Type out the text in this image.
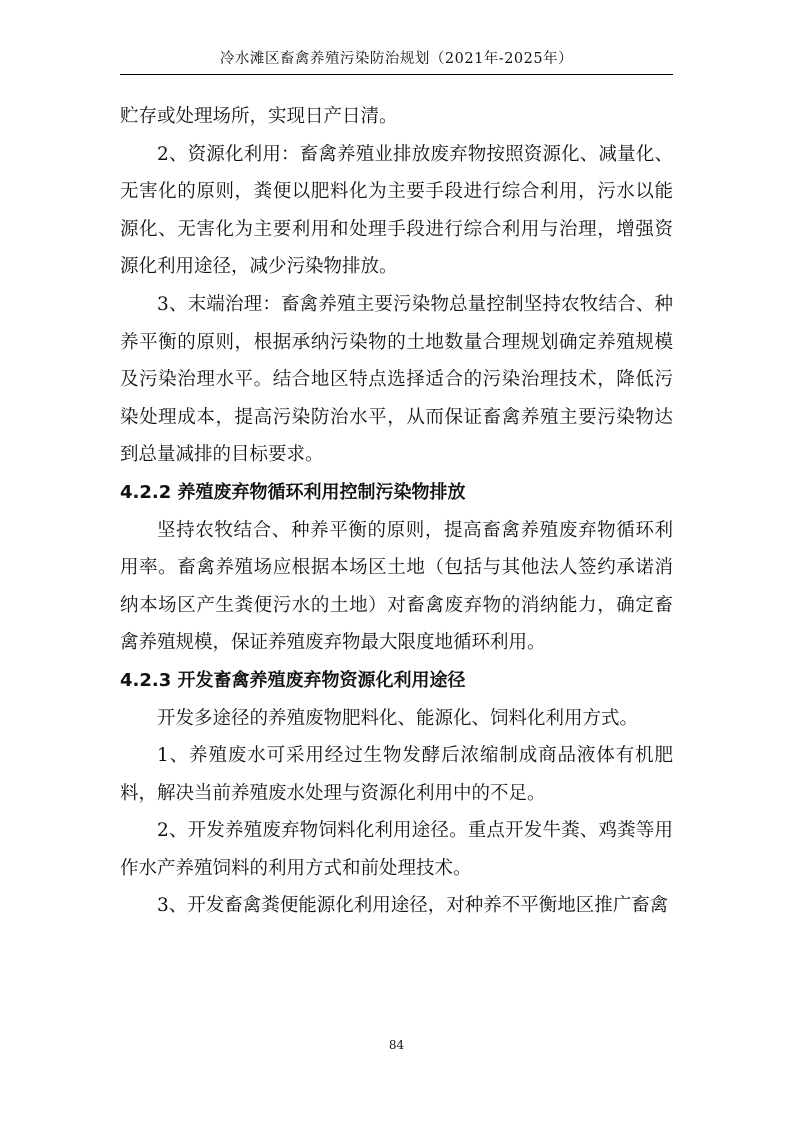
冷水滩区畜禽养殖污染防治规划（2021年-2025年）

贮存或处理场所，实现日产日清。

2、资源化利用：畜禽养殖业排放废弃物按照资源化、减量化、无害化的原则，粪便以肥料化为主要手段进行综合利用，污水以能源化、无害化为主要利用和处理手段进行综合利用与治理，增强资源化利用途径，减少污染物排放。

3、末端治理：畜禽养殖主要污染物总量控制坚持农牧结合、种养平衡的原则，根据承纳污染物的土地数量合理规划确定养殖规模及污染治理水平。结合地区特点选择适合的污染治理技术，降低污染处理成本，提高污染防治水平，从而保证畜禽养殖主要污染物达到总量减排的目标要求。

4.2.2 养殖废弃物循环利用控制污染物排放

坚持农牧结合、种养平衡的原则，提高畜禽养殖废弃物循环利用率。畜禽养殖场应根据本场区土地（包括与其他法人签约承诺消纳本场区产生粪便污水的土地）对畜禽废弃物的消纳能力，确定畜禽养殖规模，保证养殖废弃物最大限度地循环利用。

4.2.3 开发畜禽养殖废弃物资源化利用途径

开发多途径的养殖废物肥料化、能源化、饲料化利用方式。

1、养殖废水可采用经过生物发酵后浓缩制成商品液体有机肥料，解决当前养殖废水处理与资源化利用中的不足。

2、开发养殖废弃物饲料化利用途径。重点开发牛粪、鸡粪等用作水产养殖饲料的利用方式和前处理技术。

3、开发畜禽粪便能源化利用途径，对种养不平衡地区推广畜禽

84
